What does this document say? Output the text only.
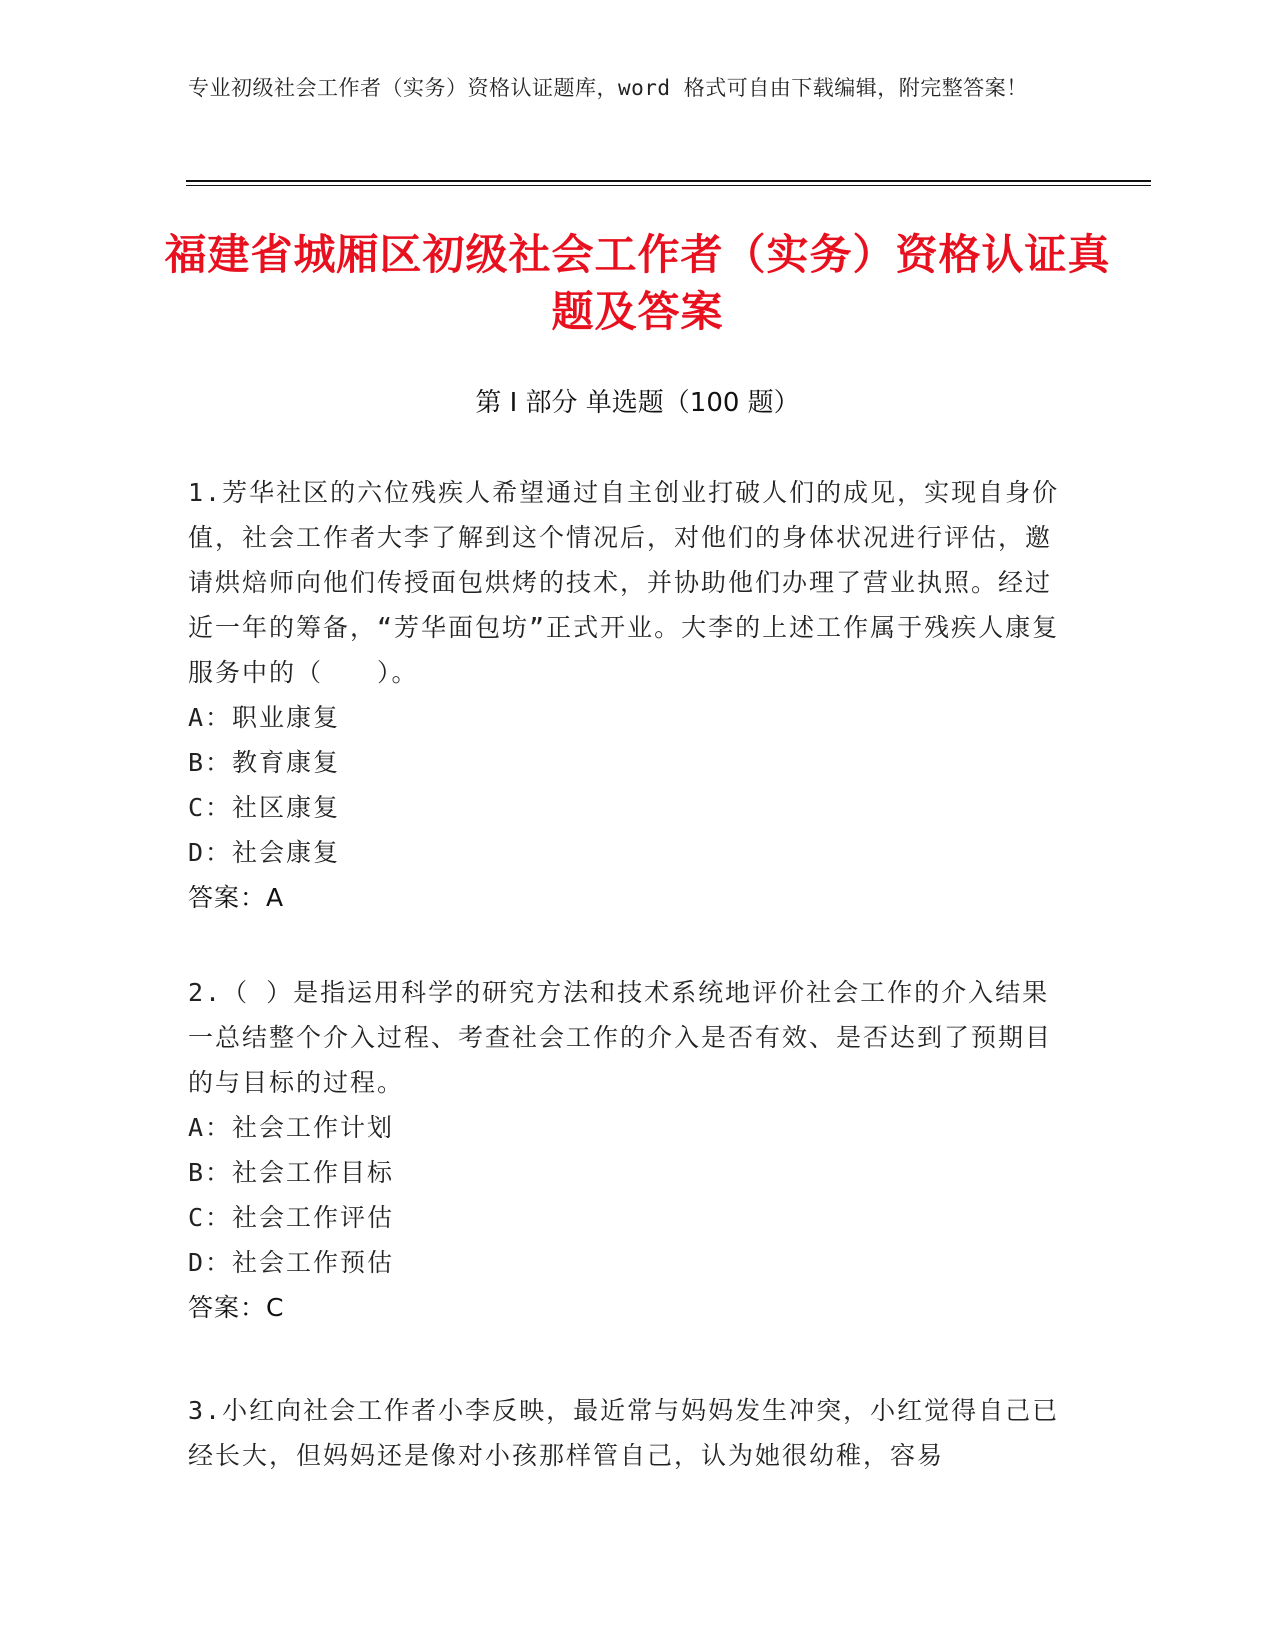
专业初级社会工作者（实务）资格认证题库，word 格式可自由下载编辑，附完整答案！
福建省城厢区初级社会工作者（实务）资格认证真题及答案
第 I 部分 单选题（100 题）

1.芳华社区的六位残疾人希望通过自主创业打破人们的成见，实现自身价值，社会工作者大李了解到这个情况后，对他们的身体状况进行评估，邀请烘焙师向他们传授面包烘烤的技术，并协助他们办理了营业执照。经过近一年的筹备，“芳华面包坊”正式开业。大李的上述工作属于残疾人康复服务中的（　　）。

A：职业康复

B：教育康复

C：社区康复

D：社会康复

答案：A

2.（ ）是指运用科学的研究方法和技术系统地评价社会工作的介入结果一总结整个介入过程、考查社会工作的介入是否有效、是否达到了预期目的与目标的过程。

A：社会工作计划

B：社会工作目标

C：社会工作评估

D：社会工作预估

答案：C

3.小红向社会工作者小李反映，最近常与妈妈发生冲突，小红觉得自己已经长大，但妈妈还是像对小孩那样管自己，认为她很幼稚，容易
